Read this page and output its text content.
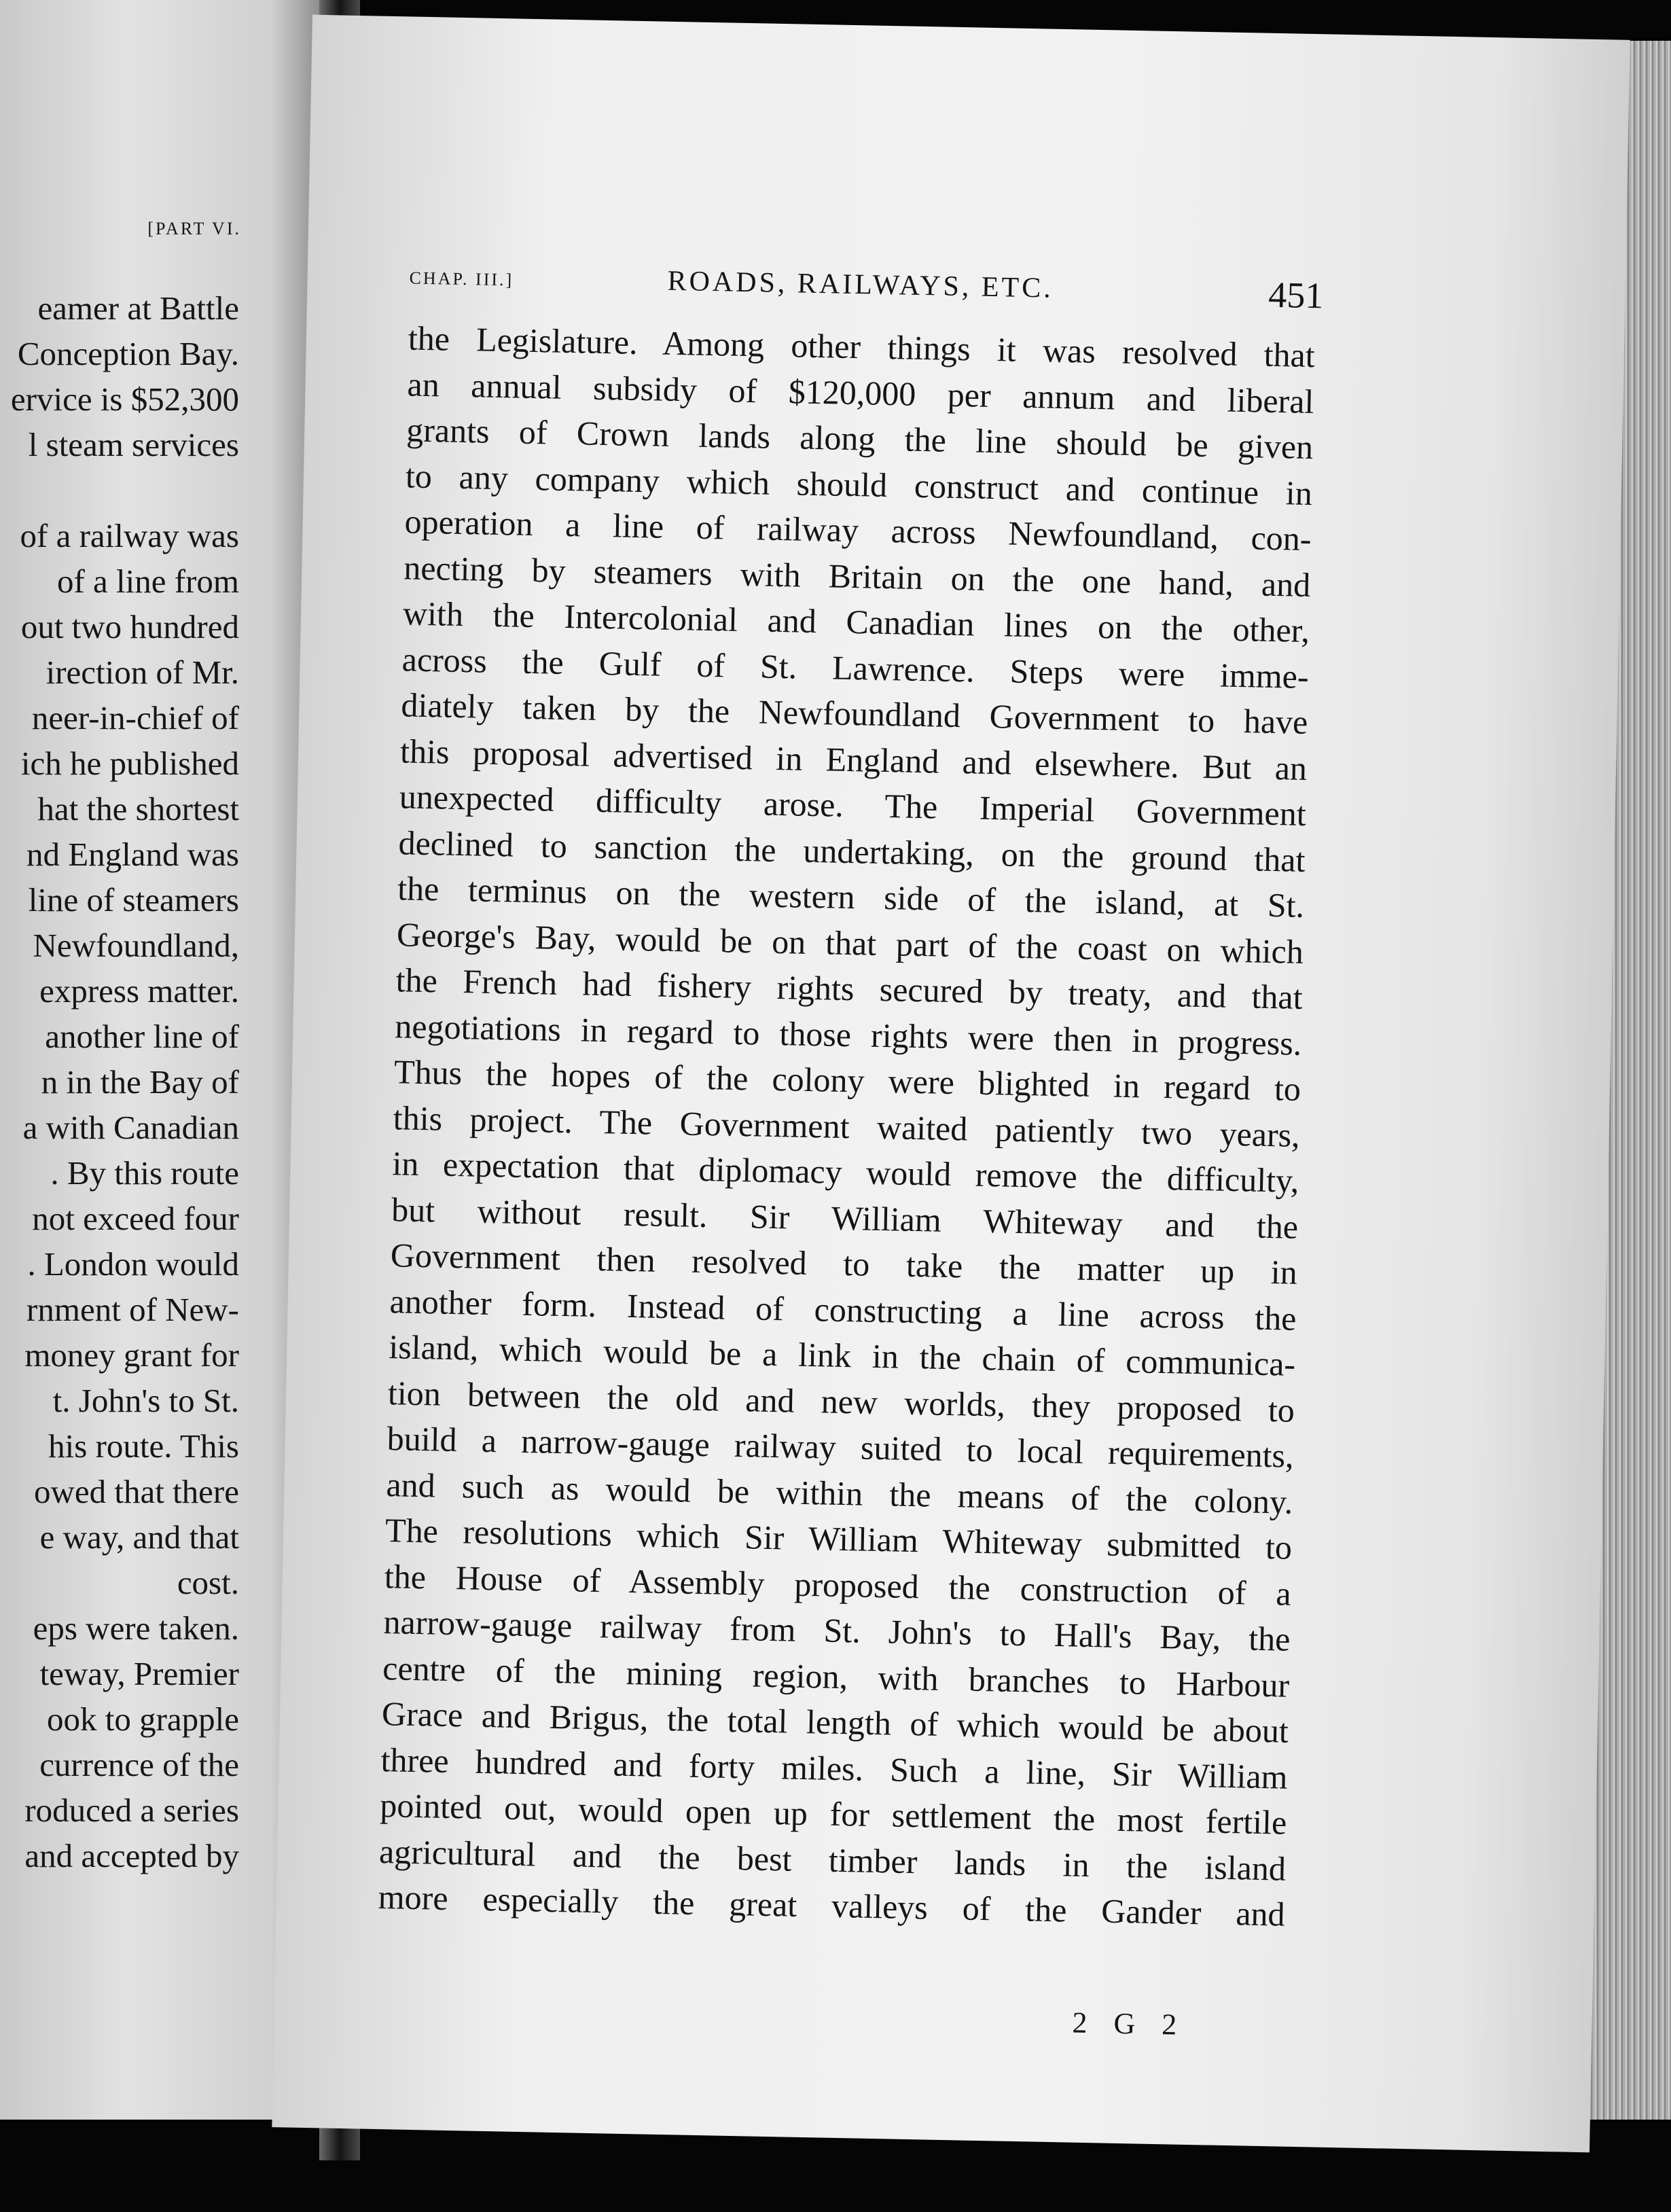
[PART VI.
eamer at Battle
Conception Bay.
ervice is $52,300
l steam services

of a railway was
of a line from
out two hundred
irection of Mr.
neer-in-chief of
ich he published
hat the shortest
nd England was
line of steamers
Newfoundland,
express matter.
another line of
n in the Bay of
a with Canadian
. By this route
not exceed four
. London would
rnment of New-
money grant for
t. John's to St.
his route. This
owed that there
e way, and that
cost.
eps were taken.
teway, Premier
ook to grapple
currence of the
roduced a series
and accepted by
CHAP. III.]	ROADS, RAILWAYS, ETC.	451
the Legislature. Among other things it was resolved that
an annual subsidy of $120,000 per annum and liberal
grants of Crown lands along the line should be given
to any company which should construct and continue in
operation a line of railway across Newfoundland, con-
necting by steamers with Britain on the one hand, and
with the Intercolonial and Canadian lines on the other,
across the Gulf of St. Lawrence. Steps were imme-
diately taken by the Newfoundland Government to have
this proposal advertised in England and elsewhere. But an
unexpected difficulty arose. The Imperial Government
declined to sanction the undertaking, on the ground that
the terminus on the western side of the island, at St.
George's Bay, would be on that part of the coast on which
the French had fishery rights secured by treaty, and that
negotiations in regard to those rights were then in progress.
Thus the hopes of the colony were blighted in regard to
this project. The Government waited patiently two years,
in expectation that diplomacy would remove the difficulty,
but without result. Sir William Whiteway and the
Government then resolved to take the matter up in
another form. Instead of constructing a line across the
island, which would be a link in the chain of communica-
tion between the old and new worlds, they proposed to
build a narrow-gauge railway suited to local requirements,
and such as would be within the means of the colony.
The resolutions which Sir William Whiteway submitted to
the House of Assembly proposed the construction of a
narrow-gauge railway from St. John's to Hall's Bay, the
centre of the mining region, with branches to Harbour
Grace and Brigus, the total length of which would be about
three hundred and forty miles. Such a line, Sir William
pointed out, would open up for settlement the most fertile
agricultural and the best timber lands in the island
more especially the great valleys of the Gander and
2 G 2
